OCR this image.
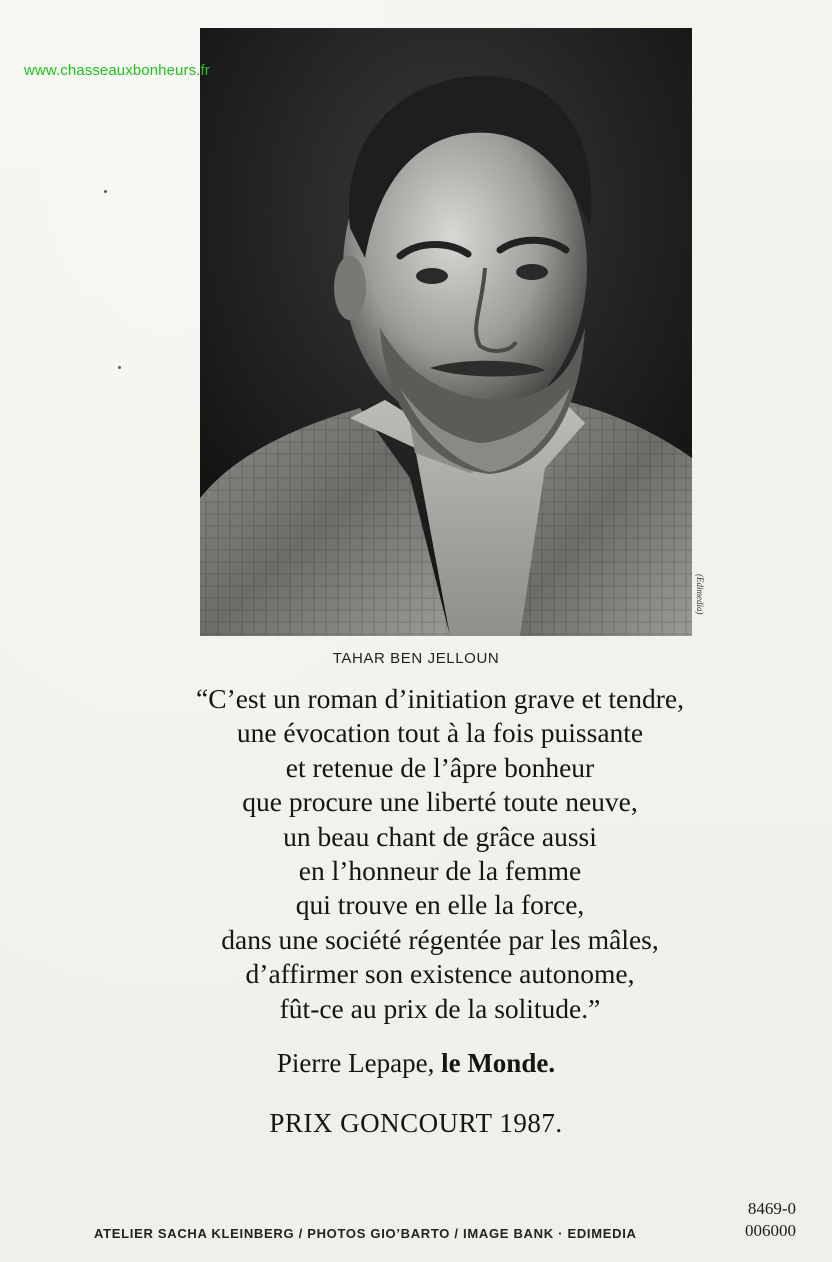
www.chasseauxbonheurs.fr
(Edimedia)
TAHAR BEN JELLOUN
“C’est un roman d’initiation grave et tendre,
une évocation tout à la fois puissante
et retenue de l’âpre bonheur
que procure une liberté toute neuve,
un beau chant de grâce aussi
en l’honneur de la femme
qui trouve en elle la force,
dans une société régentée par les mâles,
d’affirmer son existence autonome,
fût-ce au prix de la solitude.”
Pierre Lepape, le Monde.
PRIX GONCOURT 1987.
ATELIER SACHA KLEINBERG / PHOTOS GIO’BARTO / IMAGE BANK · EDIMEDIA
8469-0
006000
